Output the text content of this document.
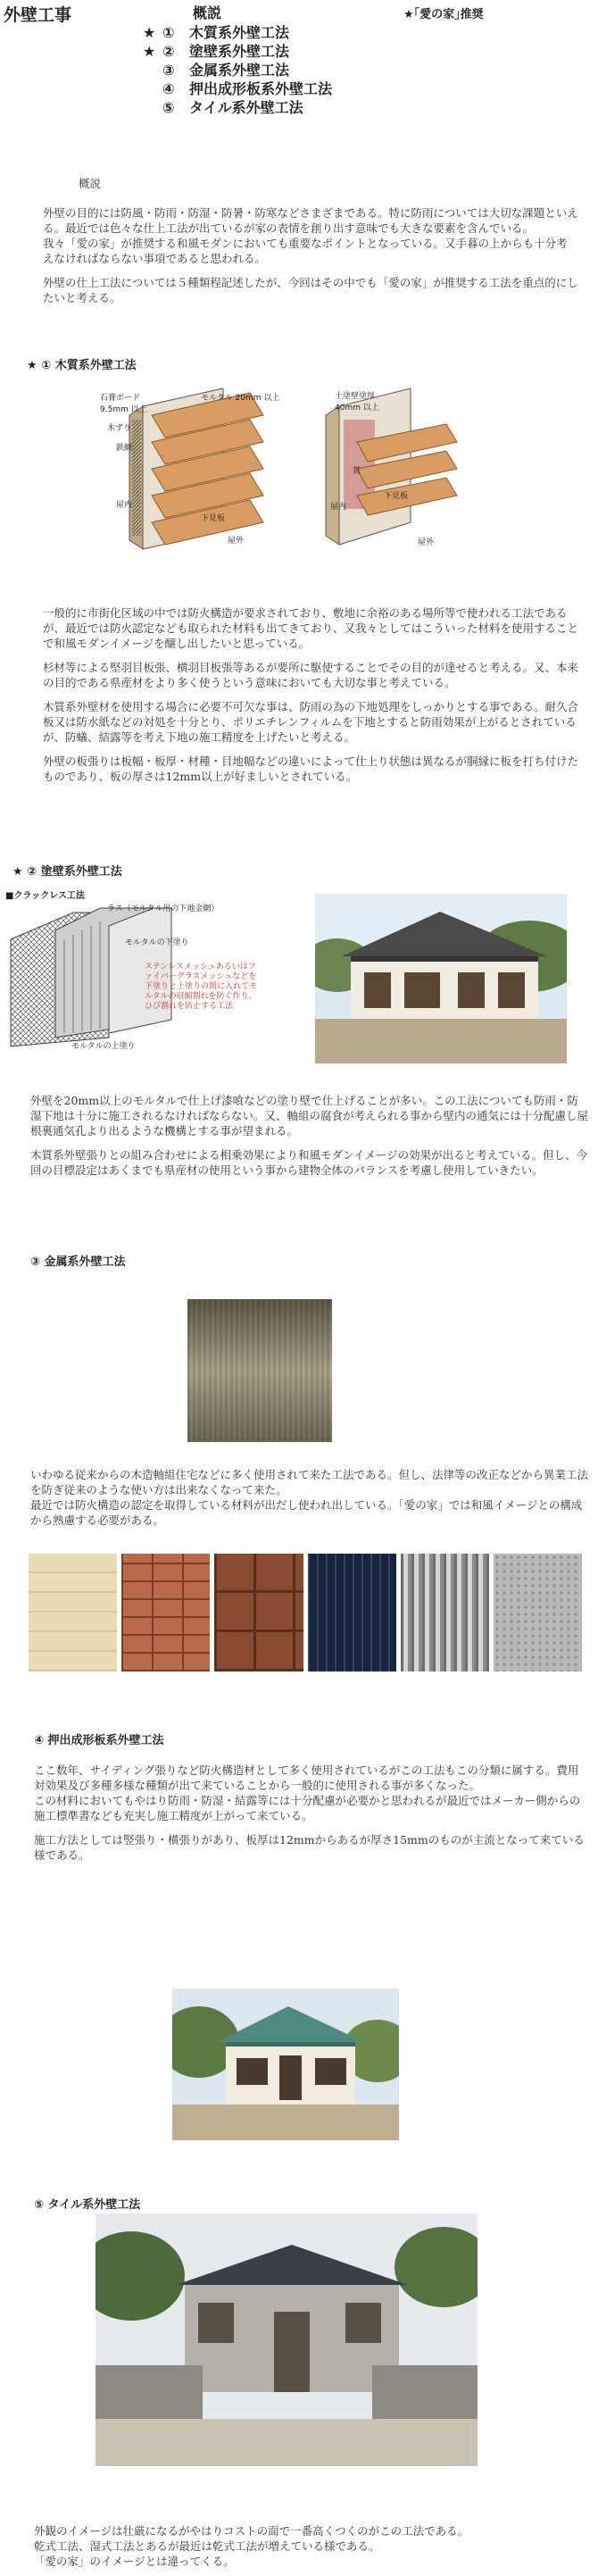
外壁工事	概説	★｢愛の家｣推奨
★ ①	木質系外壁工法
★ ②	塗壁系外壁工法
③	金属系外壁工法
④	押出成形板系外壁工法
⑤	タイル系外壁工法
概説

外壁の目的には防風・防雨・防湿・防暑・防寒などさまざまである。特に防雨については大切な課題といえる。最近では色々な仕上工法が出ているが家の表情を創り出す意味でも大きな要素を含んでいる。

我々「愛の家」が推奨する和風モダンにおいても重要なポイントとなっている。又手暮の上からも十分考えなければならない事項であると思われる。

外壁の仕上工法については５種類程記述したが、今回はその中でも「愛の家」が推奨する工法を重点的にしたいと考える。

★ ① 木質系外壁工法
石膏ボード
9.5mm 以上
モルタル 20mm 以上
木ずり
鉄網
屋内
下見板
屋外
土塗壁塗厚
40mm 以上
貫
屋内
下見板
屋外

一般的に市街化区域の中では防火構造が要求されており、敷地に余裕のある場所等で使われる工法であるが、最近では防火認定なども取られた材料も出てきており、又我々としてはこういった材料を使用することで和風モダンイメージを醸し出したいと思っている。

杉材等による堅羽目板張、横羽目板張等あるが要所に駆使することでその目的が達せると考える。又、本来の目的である県産材をより多く使うという意味においても大切な事と考えている。

木質系外壁材を使用する場合に必要不可欠な事は、防雨の為の下地処理をしっかりとする事である。耐久合板又は防水紙などの対処を十分とり、ポリエチレンフィルムを下地とすると防雨効果が上がるとされているが、防蟻、結露等を考え下地の施工精度を上げたいと考える。

外壁の板張りは板幅・板厚・材種・目地幅などの違いによって仕上り状態は異なるが胴縁に板を打ち付けたものであり、板の厚さは12mm以上が好ましいとされている。

★ ② 塗壁系外壁工法
■クラックレス工法
ラス（モルタル用の下地金網）
モルタルの下塗り
ステンレスメッシュあるいはファイバーグラスメッシュなどを下塗りと上塗りの間に入れてモルタルの収縮割れを防ぐ作り。ひび割れを防止する工法
モルタルの上塗り

外壁を20mm以上のモルタルで仕上げ漆喰などの塗り壁で仕上げることが多い。この工法についても防雨・防湿下地は十分に施工されるなければならない。又、軸組の腐食が考えられる事から壁内の通気には十分配慮し屋根裏通気孔より出るような機構とする事が望まれる。

木質系外壁張りとの組み合わせによる相乗効果により和風モダンイメージの効果が出ると考えている。但し、今回の目標設定はあくまでも県産材の使用という事から建物全体のバランスを考慮し使用していきたい。

③ 金属系外壁工法

いわゆる従来からの木造軸組住宅などに多く使用されて来た工法である。但し、法律等の改正などから異業工法を防ぎ従来のような使い方は出来なくなって来た。

最近では防火構造の認定を取得している材料が出だし使われ出している。「愛の家」では和風イメージとの構成から熟慮する必要がある。

④ 押出成形板系外壁工法

ここ数年、サイディング張りなど防火構造材として多く使用されているがこの工法もこの分類に属する。費用対効果及び多種多様な種類が出て来ていることから一般的に使用される事が多くなった。

この材料においてもやはり防雨・防湿・結露等には十分配慮が必要かと思われるが最近ではメーカー側からの施工標準書なども充実し施工精度が上がって来ている。

施工方法としては竪張り・横張りがあり、板厚は12mmからあるが厚さ15mmのものが主流となって来ている様である。

⑤ タイル系外壁工法
外観のイメージは壮厳になるがやはりコストの面で一番高くつくのがこの工法である。
乾式工法、湿式工法とあるが最近は乾式工法が増えている様である。
「愛の家」のイメージとは違ってくる。
